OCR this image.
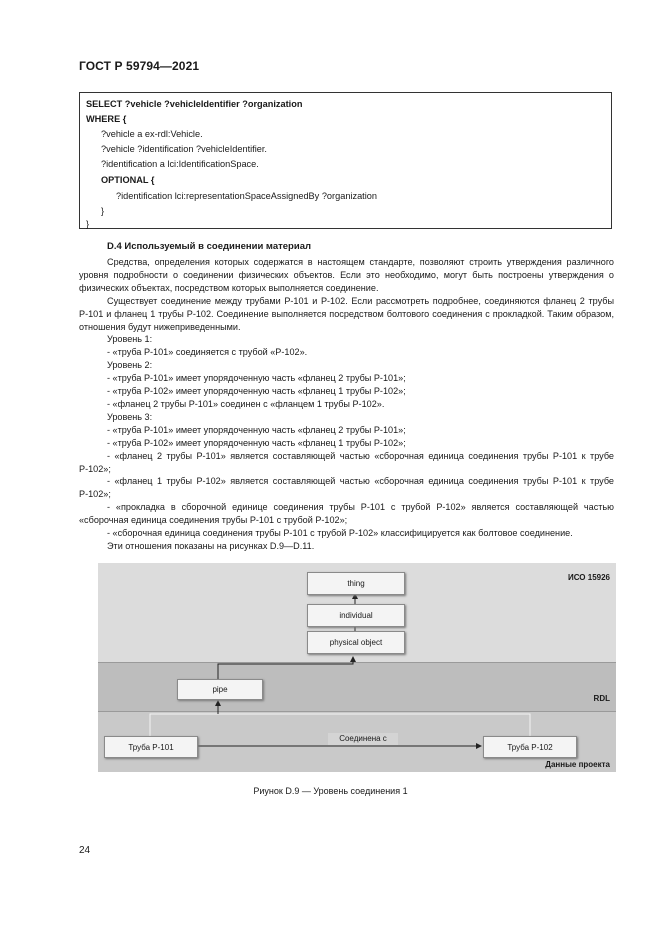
ГОСТ Р 59794—2021
SELECT ?vehicle ?vehicleIdentifier ?organization
WHERE {
?vehicle a ex-rdl:Vehicle.
?vehicle ?identification ?vehicleIdentifier.
?identification a lci:IdentificationSpace.
OPTIONAL {
?identification lci:representationSpaceAssignedBy ?organization
}
}
D.4 Используемый в соединении материал

Средства, определения которых содержатся в настоящем стандарте, позволяют строить утверждения различного уровня подробности о соединении физических объектов. Если это необходимо, могут быть построены утверждения о физических объектах, посредством которых выполняется соединение.

Существует соединение между трубами Р-101 и Р-102. Если рассмотреть подробнее, соединяются фланец 2 трубы Р-101 и фланец 1 трубы Р-102. Соединение выполняется посредством болтового соединения с прокладкой. Таким образом, отношения будут нижеприведенными.

Уровень 1:

- «труба Р-101» соединяется с трубой «Р-102».

Уровень 2:

- «труба Р-101» имеет упорядоченную часть «фланец 2 трубы Р-101»;

- «труба Р-102» имеет упорядоченную часть «фланец 1 трубы Р-102»;

- «фланец 2 трубы Р-101» соединен с «фланцем 1 трубы Р-102».

Уровень 3:

- «труба Р-101» имеет упорядоченную часть «фланец 2 трубы Р-101»;

- «труба Р-102» имеет упорядоченную часть «фланец 1 трубы Р-102»;

- «фланец 2 трубы Р-101» является составляющей частью «сборочная единица соединения трубы Р-101 к трубе Р-102»;

- «фланец 1 трубы Р-102» является составляющей частью «сборочная единица соединения трубы Р-101 к трубе Р-102»;

- «прокладка в сборочной единице соединения трубы Р-101 с трубой Р-102» является составляющей частью «сборочная единица соединения трубы Р-101 с трубой Р-102»;

- «сборочная единица соединения трубы Р-101 с трубой Р-102» классифицируется как болтовое соединение.

Эти отношения показаны на рисунках D.9—D.11.

ИСО 15926
RDL
Данные проекта
thing
individual
physical object
pipe
Труба Р-101	Труба Р-102
Соединена с
Риунок D.9 — Уровень соединения 1
24
